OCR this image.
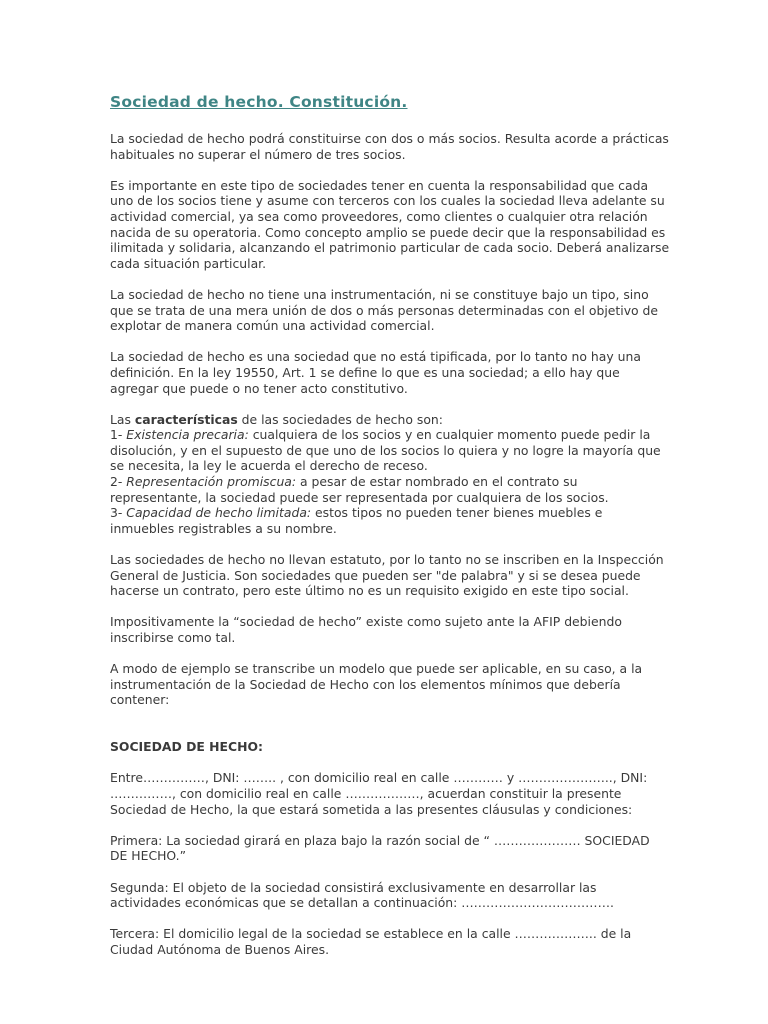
Sociedad de hecho. Constitución.

La sociedad de hecho podrá constituirse con dos o más socios. Resulta acorde a prácticas habituales no superar el número de tres socios.

Es importante en este tipo de sociedades tener en cuenta la responsabilidad que cada uno de los socios tiene y asume con terceros con los cuales la sociedad lleva adelante su actividad comercial, ya sea como proveedores, como clientes o cualquier otra relación nacida de su operatoria. Como concepto amplio se puede decir que la responsabilidad es ilimitada y solidaria, alcanzando el patrimonio particular de cada socio. Deberá analizarse cada situación particular.

La sociedad de hecho no tiene una instrumentación, ni se constituye bajo un tipo, sino que se trata de una mera unión de dos o más personas determinadas con el objetivo de explotar de manera común una actividad comercial.

La sociedad de hecho es una sociedad que no está tipificada, por lo tanto no hay una definición. En la ley 19550, Art. 1 se define lo que es una sociedad; a ello hay que agregar que puede o no tener acto constitutivo.

Las características de las sociedades de hecho son:
1- Existencia precaria: cualquiera de los socios y en cualquier momento puede pedir la disolución, y en el supuesto de que uno de los socios lo quiera y no logre la mayoría que se necesita, la ley le acuerda el derecho de receso.
2- Representación promiscua: a pesar de estar nombrado en el contrato su representante, la sociedad puede ser representada por cualquiera de los socios.
3- Capacidad de hecho limitada: estos tipos no pueden tener bienes muebles e inmuebles registrables a su nombre.

Las sociedades de hecho no llevan estatuto, por lo tanto no se inscriben en la Inspección General de Justicia. Son sociedades que pueden ser "de palabra" y si se desea puede hacerse un contrato, pero este último no es un requisito exigido en este tipo social.

Impositivamente la “sociedad de hecho” existe como sujeto ante la AFIP debiendo inscribirse como tal.

A modo de ejemplo se transcribe un modelo que puede ser aplicable, en su caso, a la instrumentación de la Sociedad de Hecho con los elementos mínimos que debería contener:

SOCIEDAD DE HECHO:

Entre……………, DNI: …….. , con domicilio real en calle ………… y ………………….., DNI: ……………, con domicilio real en calle ………………, acuerdan constituir la presente Sociedad de Hecho, la que estará sometida a las presentes cláusulas y condiciones:

Primera: La sociedad girará en plaza bajo la razón social de “ ………………… SOCIEDAD DE HECHO.”

Segunda: El objeto de la sociedad consistirá exclusivamente en desarrollar las actividades económicas que se detallan a continuación: ……………………………….

Tercera: El domicilio legal de la sociedad se establece en la calle ……………….. de la Ciudad Autónoma de Buenos Aires.
